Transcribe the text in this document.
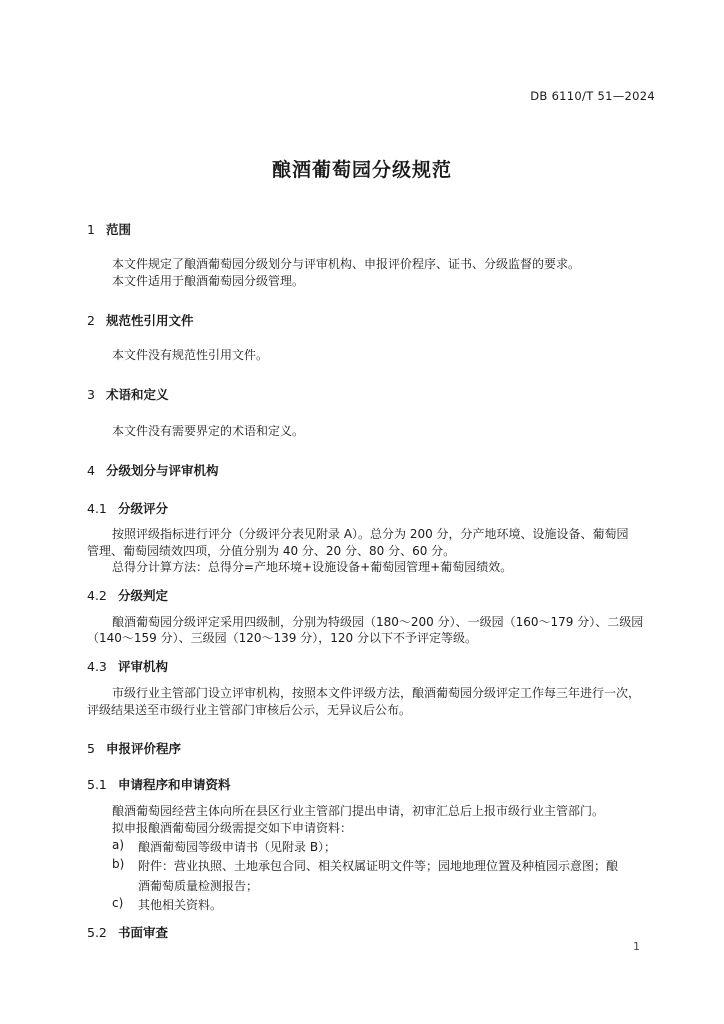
DB 6110/T 51—2024
酿酒葡萄园分级规范
1 范围
本文件规定了酿酒葡萄园分级划分与评审机构、申报评价程序、证书、分级监督的要求。
本文件适用于酿酒葡萄园分级管理。
2 规范性引用文件
本文件没有规范性引用文件。
3 术语和定义
本文件没有需要界定的术语和定义。
4 分级划分与评审机构
4.1 分级评分
按照评级指标进行评分（分级评分表见附录 A）。总分为 200 分，分产地环境、设施设备、葡萄园
管理、葡萄园绩效四项，分值分别为 40 分、20 分、80 分、60 分。
总得分计算方法：总得分=产地环境+设施设备+葡萄园管理+葡萄园绩效。
4.2 分级判定
酿酒葡萄园分级评定采用四级制，分别为特级园（180～200 分）、一级园（160～179 分）、二级园
（140～159 分）、三级园（120～139 分），120 分以下不予评定等级。
4.3 评审机构
市级行业主管部门设立评审机构，按照本文件评级方法，酿酒葡萄园分级评定工作每三年进行一次，
评级结果送至市级行业主管部门审核后公示，无异议后公布。
5 申报评价程序
5.1 申请程序和申请资料
酿酒葡萄园经营主体向所在县区行业主管部门提出申请，初审汇总后上报市级行业主管部门。
拟申报酿酒葡萄园分级需提交如下申请资料：
a) 酿酒葡萄园等级申请书（见附录 B）；
b) 附件：营业执照、土地承包合同、相关权属证明文件等；园地地理位置及种植园示意图；酿
酒葡萄质量检测报告；
c) 其他相关资料。
5.2 书面审查
1
